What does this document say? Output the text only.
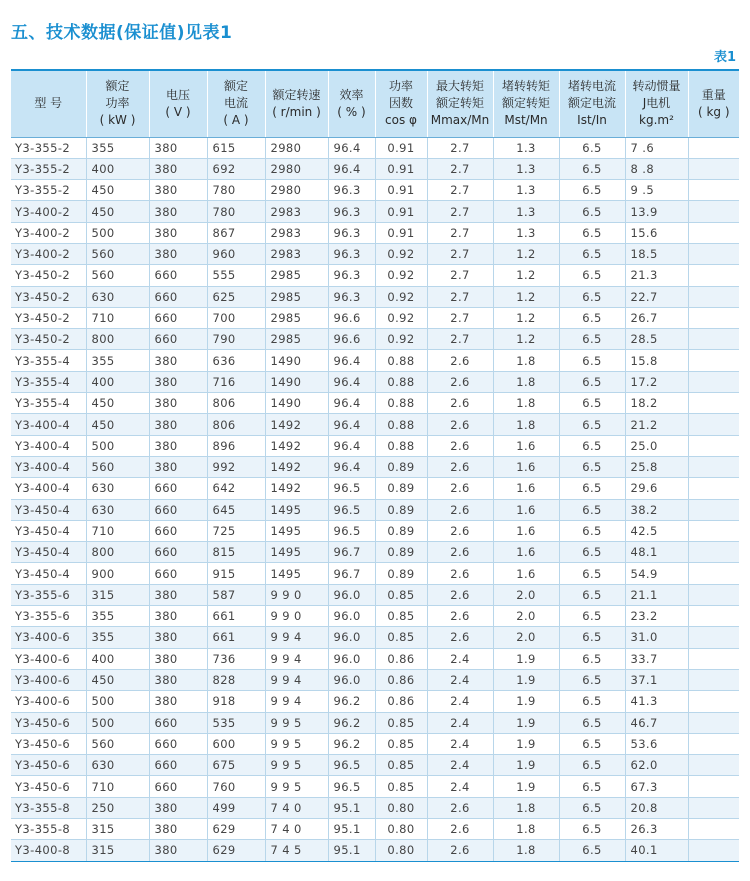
五、技术数据(保证值)见表1
表1
型 号	额定
功率
( kW )	电压
( V )	额定
电流
( A )	额定转速
( r/min )	效率
( % )	功率
因数
cos φ	最大转矩
额定转矩
Mmax/Mn	堵转转矩
额定转矩
Mst/Mn	堵转电流
额定电流
Ist/In	转动惯量
J电机
kg.m²	重量
( kg )

Y3-355-2	355	380	615	2980	96.4	0.91	2.7	1.3	6.5	7 .6	
Y3-355-2	400	380	692	2980	96.4	0.91	2.7	1.3	6.5	8 .8	
Y3-355-2	450	380	780	2980	96.3	0.91	2.7	1.3	6.5	9 .5	
Y3-400-2	450	380	780	2983	96.3	0.91	2.7	1.3	6.5	13.9	
Y3-400-2	500	380	867	2983	96.3	0.91	2.7	1.3	6.5	15.6	
Y3-400-2	560	380	960	2983	96.3	0.92	2.7	1.2	6.5	18.5	
Y3-450-2	560	660	555	2985	96.3	0.92	2.7	1.2	6.5	21.3	
Y3-450-2	630	660	625	2985	96.3	0.92	2.7	1.2	6.5	22.7	
Y3-450-2	710	660	700	2985	96.6	0.92	2.7	1.2	6.5	26.7	
Y3-450-2	800	660	790	2985	96.6	0.92	2.7	1.2	6.5	28.5	
Y3-355-4	355	380	636	1490	96.4	0.88	2.6	1.8	6.5	15.8	
Y3-355-4	400	380	716	1490	96.4	0.88	2.6	1.8	6.5	17.2	
Y3-355-4	450	380	806	1490	96.4	0.88	2.6	1.8	6.5	18.2	
Y3-400-4	450	380	806	1492	96.4	0.88	2.6	1.8	6.5	21.2	
Y3-400-4	500	380	896	1492	96.4	0.88	2.6	1.6	6.5	25.0	
Y3-400-4	560	380	992	1492	96.4	0.89	2.6	1.6	6.5	25.8	
Y3-400-4	630	660	642	1492	96.5	0.89	2.6	1.6	6.5	29.6	
Y3-450-4	630	660	645	1495	96.5	0.89	2.6	1.6	6.5	38.2	
Y3-450-4	710	660	725	1495	96.5	0.89	2.6	1.6	6.5	42.5	
Y3-450-4	800	660	815	1495	96.7	0.89	2.6	1.6	6.5	48.1	
Y3-450-4	900	660	915	1495	96.7	0.89	2.6	1.6	6.5	54.9	
Y3-355-6	315	380	587	9 9 0	96.0	0.85	2.6	2.0	6.5	21.1	
Y3-355-6	355	380	661	9 9 0	96.0	0.85	2.6	2.0	6.5	23.2	
Y3-400-6	355	380	661	9 9 4	96.0	0.85	2.6	2.0	6.5	31.0	
Y3-400-6	400	380	736	9 9 4	96.0	0.86	2.4	1.9	6.5	33.7	
Y3-400-6	450	380	828	9 9 4	96.0	0.86	2.4	1.9	6.5	37.1	
Y3-400-6	500	380	918	9 9 4	96.2	0.86	2.4	1.9	6.5	41.3	
Y3-450-6	500	660	535	9 9 5	96.2	0.85	2.4	1.9	6.5	46.7	
Y3-450-6	560	660	600	9 9 5	96.2	0.85	2.4	1.9	6.5	53.6	
Y3-450-6	630	660	675	9 9 5	96.5	0.85	2.4	1.9	6.5	62.0	
Y3-450-6	710	660	760	9 9 5	96.5	0.85	2.4	1.9	6.5	67.3	
Y3-355-8	250	380	499	7 4 0	95.1	0.80	2.6	1.8	6.5	20.8	
Y3-355-8	315	380	629	7 4 0	95.1	0.80	2.6	1.8	6.5	26.3	
Y3-400-8	315	380	629	7 4 5	95.1	0.80	2.6	1.8	6.5	40.1	
